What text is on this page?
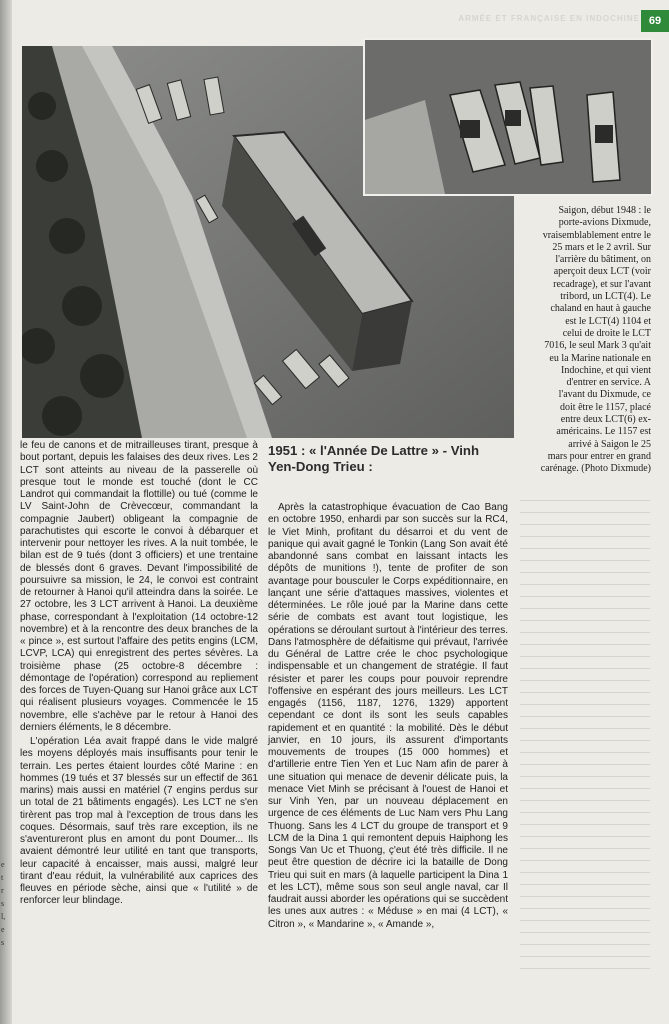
ARMÉE ET FRANÇAISE EN INDOCHINE 69
Saigon, début 1948 : le
porte-avions Dixmude,
vraisemblablement entre le
25 mars et le 2 avril. Sur
l'arrière du bâtiment, on
aperçoit deux LCT (voir
recadrage), et sur l'avant
tribord, un LCT(4). Le
chaland en haut à gauche
est le LCT(4) 1104 et
celui de droite le LCT
7016, le seul Mark 3 qu'ait
eu la Marine nationale en
Indochine, et qui vient
d'entrer en service. A
l'avant du Dixmude, ce
doit être le 1157, placé
entre deux LCT(6) ex-
américains. Le 1157 est
arrivé à Saigon le 25
mars pour entrer en grand
carénage. (Photo Dixmude)

le feu de canons et de mitrailleuses tirant, presque à bout portant, depuis les falaises des deux rives. Les 2 LCT sont atteints au niveau de la passerelle où presque tout le monde est touché (dont le CC Landrot qui commandait la flottille) ou tué (comme le LV Saint-John de Crèvecœur, commandant la compagnie Jaubert) obligeant la compagnie de parachutistes qui escorte le convoi à débarquer et intervenir pour nettoyer les rives. A la nuit tombée, le bilan est de 9 tués (dont 3 officiers) et une trentaine de blessés dont 6 graves. Devant l'impossibilité de poursuivre sa mission, le 24, le convoi est contraint de retourner à Hanoi qu'il atteindra dans la soirée. Le 27 octobre, les 3 LCT arrivent à Hanoi. La deuxième phase, correspondant à l'exploitation (14 octobre-12 novembre) et à la rencontre des deux branches de la « pince », est surtout l'affaire des petits engins (LCM, LCVP, LCA) qui enregistrent des pertes sévères. La troisième phase (25 octobre-8 décembre : démontage de l'opération) correspond au repliement des forces de Tuyen-Quang sur Hanoi grâce aux LCT qui réalisent plusieurs voyages. Commencée le 15 novembre, elle s'achève par le retour à Hanoi des derniers éléments, le 8 décembre.

L'opération Léa avait frappé dans le vide malgré les moyens déployés mais insuffisants pour tenir le terrain. Les pertes étaient lourdes côté Marine : en hommes (19 tués et 37 blessés sur un effectif de 361 marins) mais aussi en matériel (7 engins perdus sur un total de 21 bâtiments engagés). Les LCT ne s'en tirèrent pas trop mal à l'exception de trous dans les coques. Désormais, sauf très rare exception, ils ne s'aventureront plus en amont du pont Doumer... Ils avaient démontré leur utilité en tant que transports, leur capacité à encaisser, mais aussi, malgré leur tirant d'eau réduit, la vulnérabilité aux caprices des fleuves en période sèche, ainsi que « l'utilité » de renforcer leur blindage.

1951 : « l'Année De Lattre » - Vinh Yen-Dong Trieu :

Après la catastrophique évacuation de Cao Bang en octobre 1950, enhardi par son succès sur la RC4, le Viet Minh, profitant du désarroi et du vent de panique qui avait gagné le Tonkin (Lang Son avait été abandonné sans combat en laissant intacts les dépôts de munitions !), tente de profiter de son avantage pour bousculer le Corps expéditionnaire, en lançant une série d'attaques massives, violentes et déterminées. Le rôle joué par la Marine dans cette série de combats est avant tout logistique, les opérations se déroulant surtout à l'intérieur des terres. Dans l'atmosphère de défaitisme qui prévaut, l'arrivée du Général de Lattre crée le choc psychologique indispensable et un changement de stratégie. Il faut résister et parer les coups pour pouvoir reprendre l'offensive en espérant des jours meilleurs. Les LCT engagés (1156, 1187, 1276, 1329) apportent cependant ce dont ils sont les seuls capables rapidement et en quantité : la mobilité. Dès le début janvier, en 10 jours, ils assurent d'importants mouvements de troupes (15 000 hommes) et d'artillerie entre Tien Yen et Luc Nam afin de parer à une situation qui menace de devenir délicate puis, la menace Viet Minh se précisant à l'ouest de Hanoi et sur Vinh Yen, par un nouveau déplacement en urgence de ces éléments de Luc Nam vers Phu Lang Thuong. Sans les 4 LCT du groupe de transport et 9 LCM de la Dina 1 qui remontent depuis Haiphong les Songs Van Uc et Thuong, ç'eut été très difficile. Il ne peut être question de décrire ici la bataille de Dong Trieu qui suit en mars (à laquelle participent la Dina 1 et les LCT), même sous son seul angle naval, car Il faudrait aussi aborder les opérations qui se succèdent les unes aux autres : « Méduse » en mai (4 LCT), « Citron », « Mandarine », « Amande »,

e
t
r
s
l,
e
s
